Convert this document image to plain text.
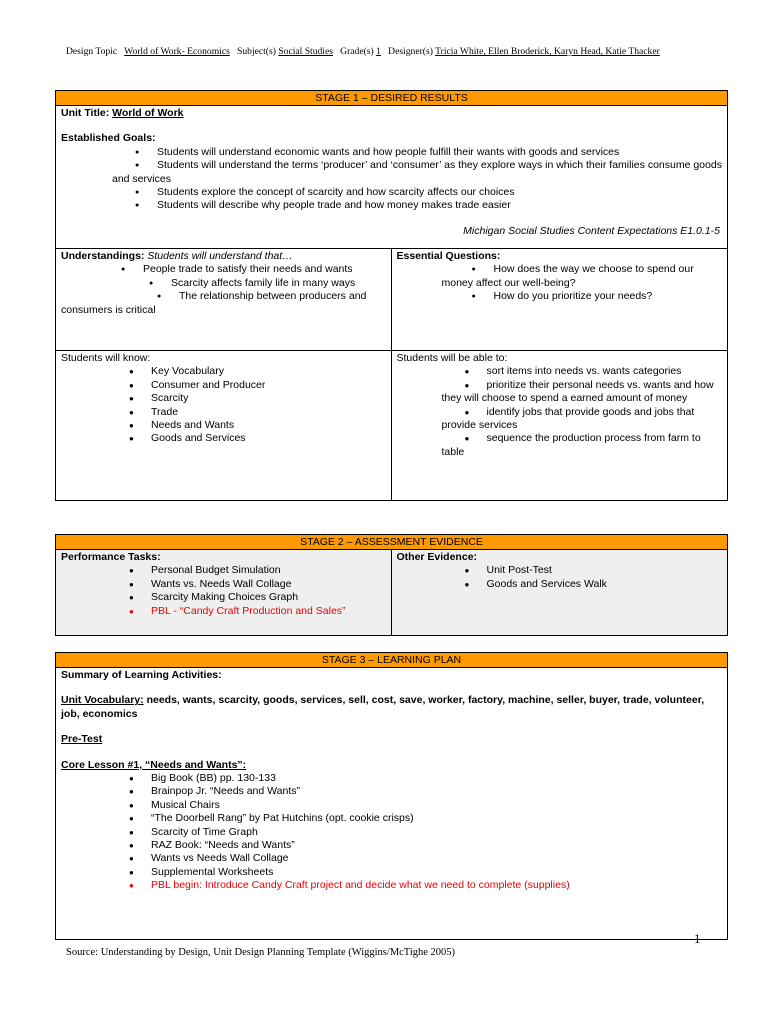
Design Topic World of Work- Economics Subject(s) Social Studies Grade(s) 1 Designer(s) Tricia White, Ellen Broderick, Karyn Head, Katie Thacker
STAGE 1 – DESIRED RESULTS
Unit Title: World of Work
Established Goals:
● Students will understand economic wants and how people fulfill their wants with goods and services
● Students will understand the terms ‘producer’ and ‘consumer’ as they explore ways in which their families consume goods and services
● Students explore the concept of scarcity and how scarcity affects our choices
● Students will describe why people trade and how money makes trade easier
Michigan Social Studies Content Expectations E1.0.1-5
Understandings: Students will understand that…
● People trade to satisfy their needs and wants
● Scarcity affects family life in many ways
● The relationship between producers and consumers is critical
Essential Questions:
● How does the way we choose to spend our money affect our well-being?
● How do you prioritize your needs?
Students will know:
● Key Vocabulary
● Consumer and Producer
● Scarcity
● Trade
● Needs and Wants
● Goods and Services
Students will be able to:
● sort items into needs vs. wants categories
● prioritize their personal needs vs. wants and how they will choose to spend a earned amount of money
● identify jobs that provide goods and jobs that provide services
● sequence the production process from farm to table
STAGE 2 – ASSESSMENT EVIDENCE
Performance Tasks:
● Personal Budget Simulation
● Wants vs. Needs Wall Collage
● Scarcity Making Choices Graph
● PBL - “Candy Craft Production and Sales”
Other Evidence:
● Unit Post-Test
● Goods and Services Walk
STAGE 3 – LEARNING PLAN
Summary of Learning Activities:
Unit Vocabulary: needs, wants, scarcity, goods, services, sell, cost, save, worker, factory, machine, seller, buyer, trade, volunteer, job, economics
Pre-Test
Core Lesson #1, “Needs and Wants”:
● Big Book (BB) pp. 130-133
● Brainpop Jr. “Needs and Wants”
● Musical Chairs
● “The Doorbell Rang” by Pat Hutchins (opt. cookie crisps)
● Scarcity of Time Graph
● RAZ Book: “Needs and Wants”
● Wants vs Needs Wall Collage
● Supplemental Worksheets
● PBL begin: Introduce Candy Craft project and decide what we need to complete (supplies)
1
Source: Understanding by Design, Unit Design Planning Template (Wiggins/McTighe 2005)
